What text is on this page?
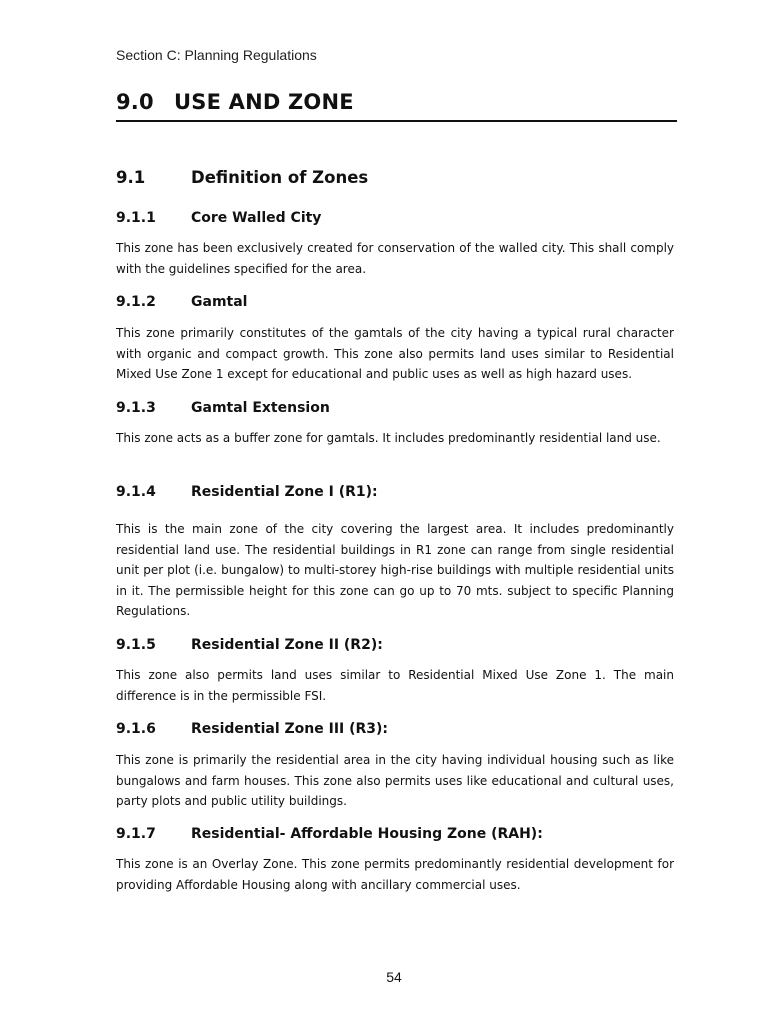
Section C: Planning Regulations
9.0 USE AND ZONE
9.1	Definition of Zones
9.1.1	Core Walled City

This zone has been exclusively created for conservation of the walled city. This shall comply with the guidelines specified for the area.

9.1.2	Gamtal

This zone primarily constitutes of the gamtals of the city having a typical rural character with organic and compact growth. This zone also permits land uses similar to Residential Mixed Use Zone 1 except for educational and public uses as well as high hazard uses.

9.1.3	Gamtal Extension

This zone acts as a buffer zone for gamtals. It includes predominantly residential land use.

9.1.4	Residential Zone I (R1):

This is the main zone of the city covering the largest area. It includes predominantly residential land use. The residential buildings in R1 zone can range from single residential unit per plot (i.e. bungalow) to multi-storey high-rise buildings with multiple residential units in it. The permissible height for this zone can go up to 70 mts. subject to specific Planning Regulations.

9.1.5	Residential Zone II (R2):

This zone also permits land uses similar to Residential Mixed Use Zone 1. The main difference is in the permissible FSI.

9.1.6	Residential Zone III (R3):

This zone is primarily the residential area in the city having individual housing such as like bungalows and farm houses. This zone also permits uses like educational and cultural uses, party plots and public utility buildings.

9.1.7	Residential- Affordable Housing Zone (RAH):

This zone is an Overlay Zone. This zone permits predominantly residential development for providing Affordable Housing along with ancillary commercial uses.

54
